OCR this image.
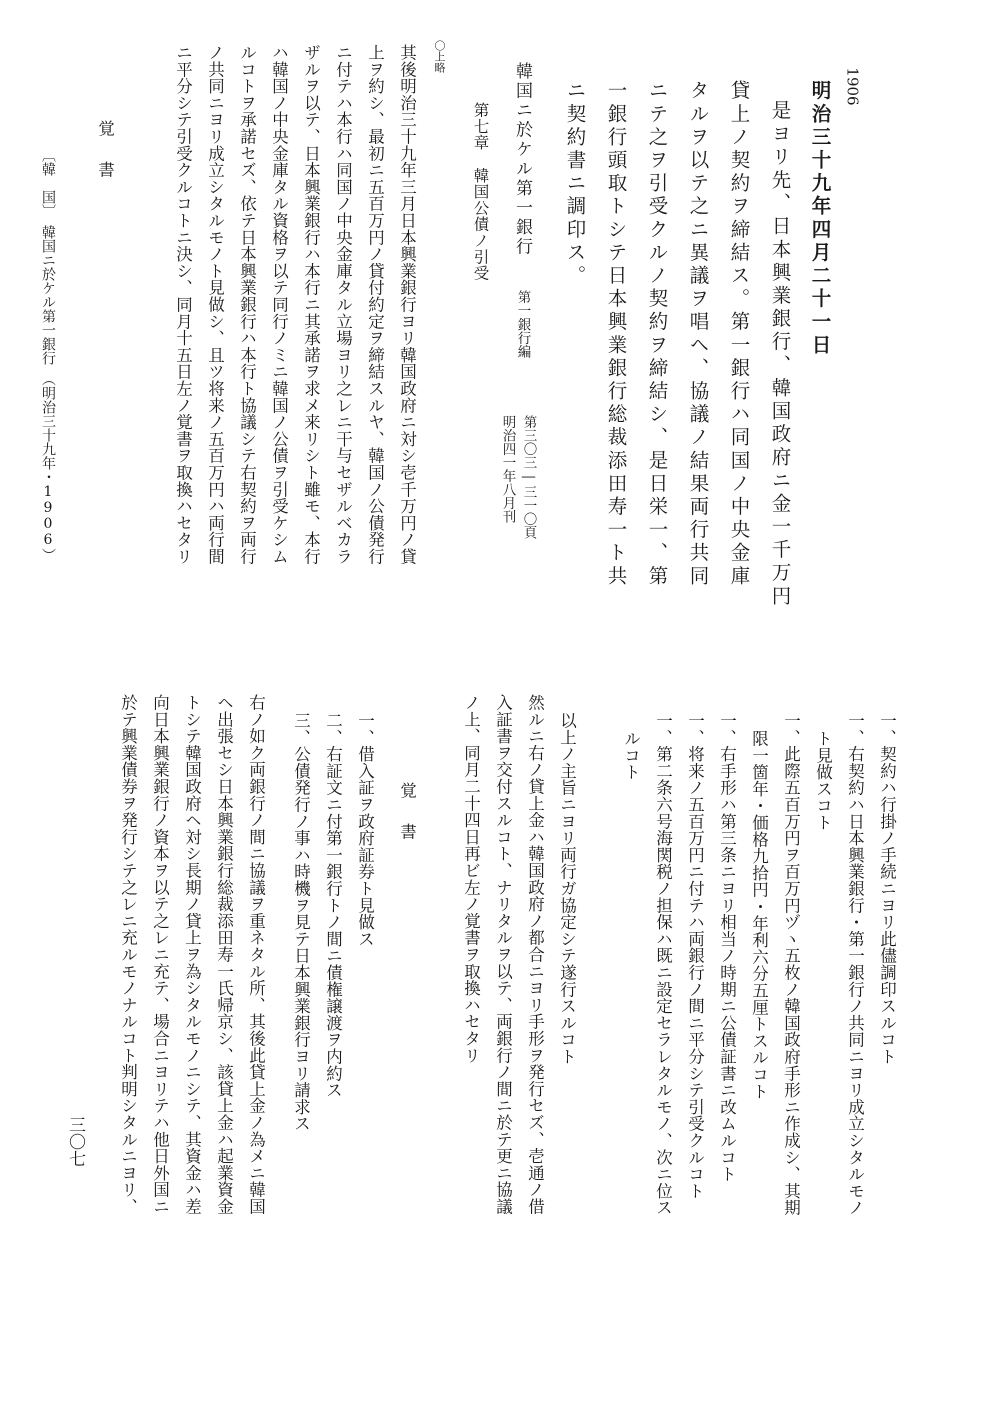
1906
明治三十九年四月二十一日
是ヨリ先、日本興業銀行、韓国政府ニ金一千万円
貸上ノ契約ヲ締結ス。第一銀行ハ同国ノ中央金庫
タルヲ以テ之ニ異議ヲ唱ヘ、協議ノ結果両行共同
ニテ之ヲ引受クルノ契約ヲ締結シ、是日栄一、第
一銀行頭取トシテ日本興業銀行総裁添田寿一ト共
ニ契約書ニ調印ス。
韓国ニ於ケル第一銀行
第一銀行編
第三〇三―三一〇頁
明治四一年八月刊
第七章　韓国公債ノ引受
〇上略
其後明治三十九年三月日本興業銀行ヨリ韓国政府ニ対シ壱千万円ノ貸
上ヲ約シ、最初ニ五百万円ノ貸付約定ヲ締結スルヤ、韓国ノ公債発行
ニ付テハ本行ハ同国ノ中央金庫タル立場ヨリ之レニ干与セザルベカラ
ザルヲ以テ、日本興業銀行ハ本行ニ其承諾ヲ求メ来リシト雖モ、本行
ハ韓国ノ中央金庫タル資格ヲ以テ同行ノミニ韓国ノ公債ヲ引受ケシム
ルコトヲ承諾セズ、依テ日本興業銀行ハ本行ト協議シテ右契約ヲ両行
ノ共同ニヨリ成立シタルモノト見做シ、且ツ将来ノ五百万円ハ両行間
ニ平分シテ引受クルコトニ決シ、同月十五日左ノ覚書ヲ取換ハセタリ
覚　書
〔韓　国〕　韓国ニ於ケル第一銀行　（明治三十九年・1906）
一、契約ハ行掛ノ手続ニヨリ此儘調印スルコト
一、右契約ハ日本興業銀行・第一銀行ノ共同ニヨリ成立シタルモノ
ト見做スコト
一、此際五百万円ヲ百万円ヅヽ五枚ノ韓国政府手形ニ作成シ、其期
限一箇年・価格九拾円・年利六分五厘トスルコト
一、右手形ハ第三条ニヨリ相当ノ時期ニ公債証書ニ改ムルコト
一、将来ノ五百万円ニ付テハ両銀行ノ間ニ平分シテ引受クルコト
一、第二条六号海関税ノ担保ハ既ニ設定セラレタルモノ、次ニ位ス
ルコト
以上ノ主旨ニヨリ両行ガ協定シテ遂行スルコト
然ルニ右ノ貸上金ハ韓国政府ノ都合ニヨリ手形ヲ発行セズ、壱通ノ借
入証書ヲ交付スルコト、ナリタルヲ以テ、両銀行ノ間ニ於テ更ニ協議
ノ上、同月二十四日再ビ左ノ覚書ヲ取換ハセタリ
覚　書
一、借入証ヲ政府証券ト見做ス
二、右証文ニ付第一銀行トノ間ニ債権譲渡ヲ内約ス
三、公債発行ノ事ハ時機ヲ見テ日本興業銀行ヨリ請求ス
右ノ如ク両銀行ノ間ニ協議ヲ重ネタル所、其後此貸上金ノ為メニ韓国
ヘ出張セシ日本興業銀行総裁添田寿一氏帰京シ、該貸上金ハ起業資金
トシテ韓国政府ヘ対シ長期ノ貸上ヲ為シタルモノニシテ、其資金ハ差
向日本興業銀行ノ資本ヲ以テ之レニ充テ、場合ニヨリテハ他日外国ニ
於テ興業債券ヲ発行シテ之レニ充ルモノナルコト判明シタルニヨリ、
三〇七
